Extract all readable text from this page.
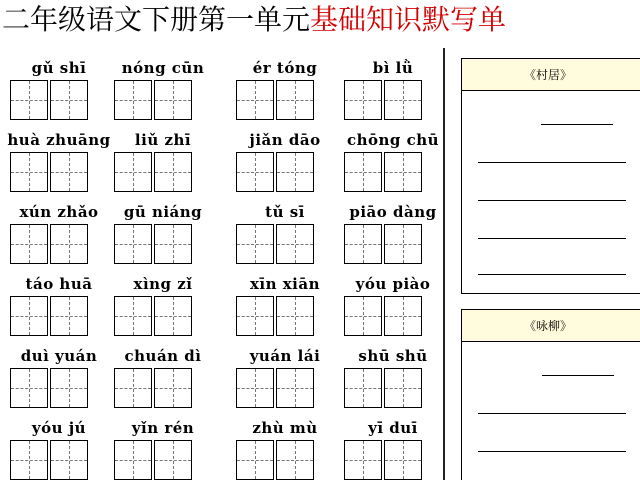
二年级语文下册第一单元基础知识默写单
gǔ shī	nóng cūn	ér tóng	bì lǜ
huà zhuāng	liǔ zhī	jiǎn dāo	chōng chū
xún zhǎo	gū niáng	tǔ sī	piāo dàng
táo huā	xìng zǐ	xīn xiān	yóu piào
duì yuán	chuán dì	yuán lái	shū shū
yóu jú	yǐn rén	zhù mù	yī duī
《村居》
《咏柳》
